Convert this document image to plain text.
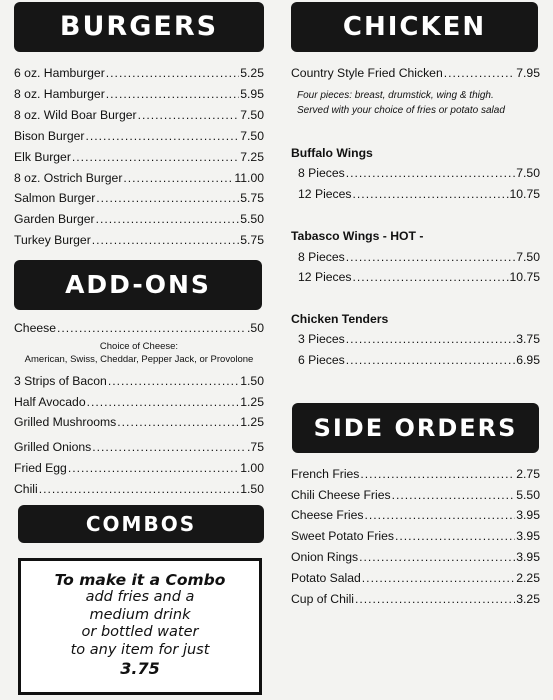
BURGERS
6 oz. Hamburger .....	5.25
8 oz. Hamburger .....	5.95
8 oz. Wild Boar Burger .....	7.50
Bison Burger .....	7.50
Elk Burger .....	7.25
8 oz. Ostrich Burger .....	11.00
Salmon Burger .....	5.75
Garden Burger .....	5.50
Turkey Burger .....	5.75
ADD-ONS
Cheese .....	.50
Choice of Cheese:
American, Swiss, Cheddar, Pepper Jack, or Provolone
3 Strips of Bacon .....	1.50
Half Avocado .....	1.25
Grilled Mushrooms .....	1.25
Grilled Onions .....	.75
Fried Egg .....	1.00
Chili .....	1.50
COMBOS
To make it a Combo
add fries and a
medium drink
or bottled water
to any item for just
3.75
CHICKEN
Country Style Fried Chicken .....	7.95
Four pieces: breast, drumstick, wing & thigh.
Served with your choice of fries or potato salad
Buffalo Wings
8 Pieces .....	7.50
12 Pieces .....	10.75
Tabasco Wings - HOT -
8 Pieces .....	7.50
12 Pieces .....	10.75
Chicken Tenders
3 Pieces .....	3.75
6 Pieces .....	6.95
SIDE ORDERS
French Fries .....	2.75
Chili Cheese Fries .....	5.50
Cheese Fries .....	3.95
Sweet Potato Fries .....	3.95
Onion Rings .....	3.95
Potato Salad .....	2.25
Cup of Chili .....	3.25
